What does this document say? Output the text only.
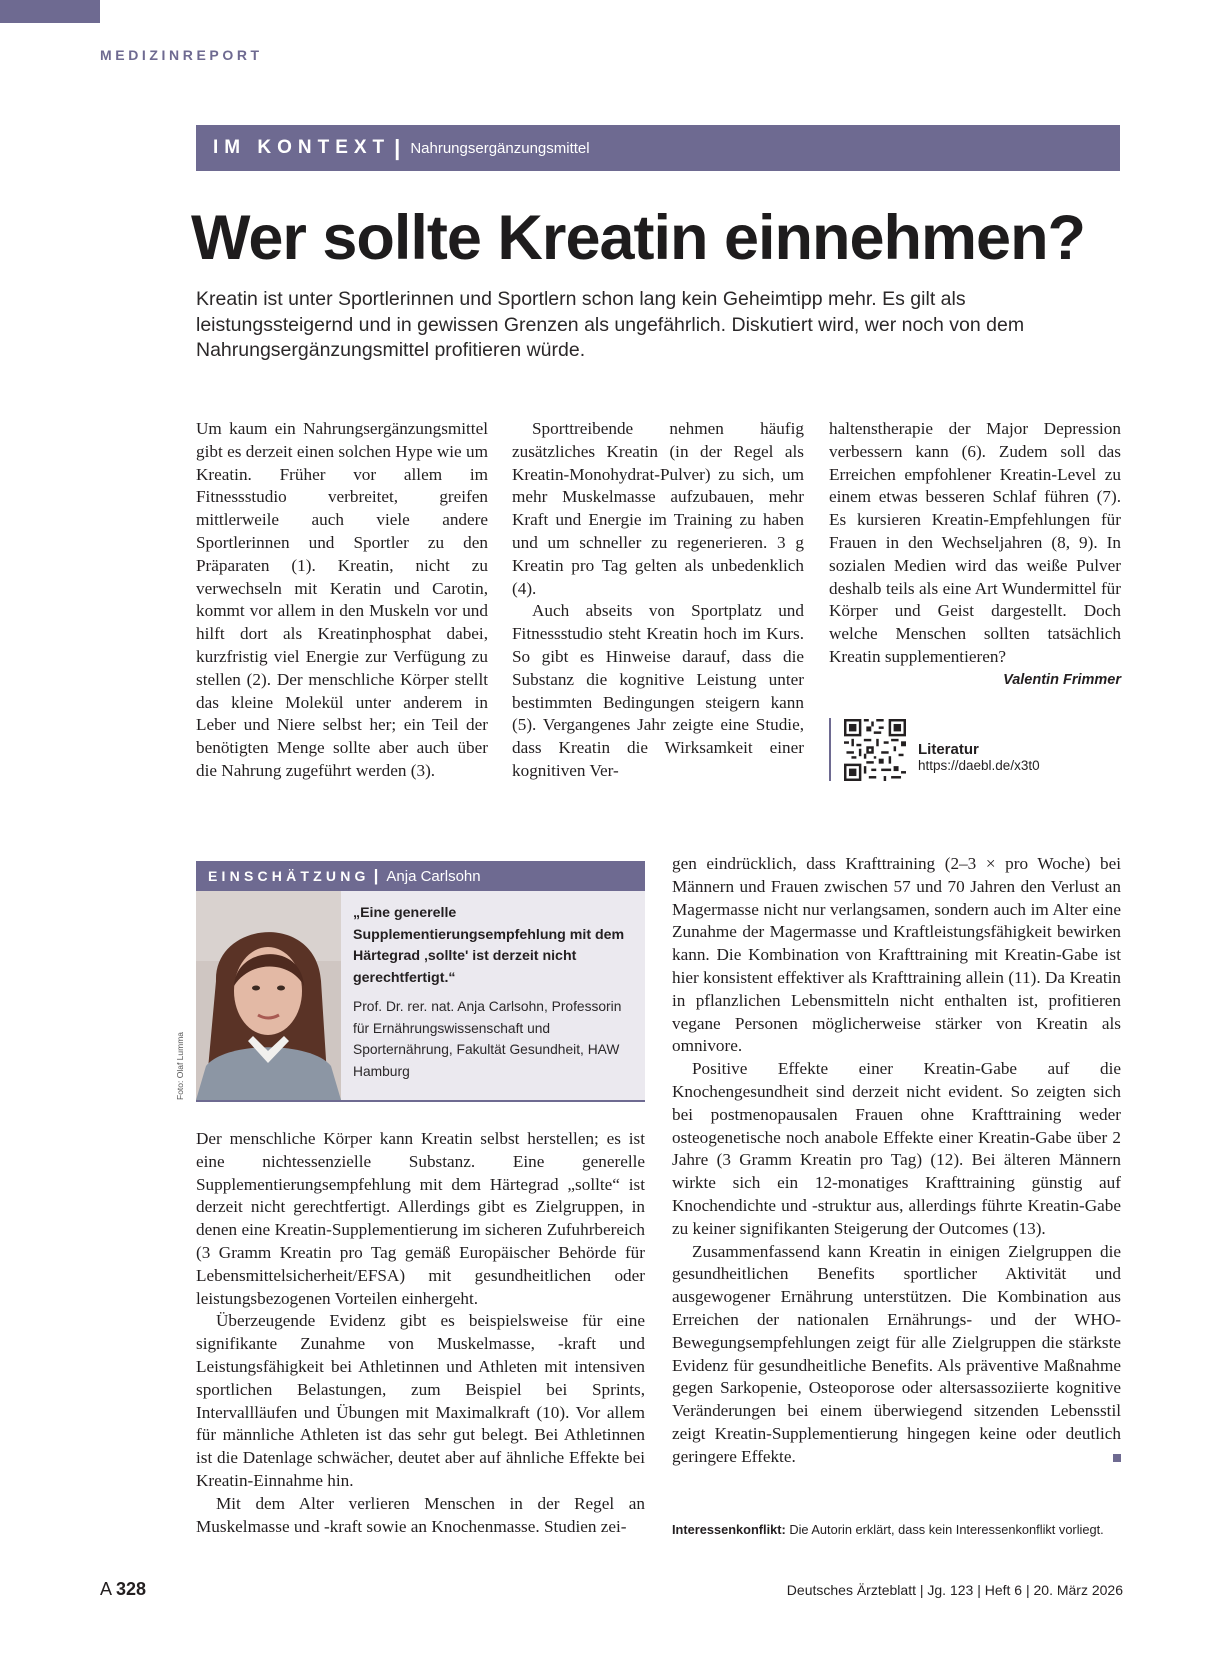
MEDIZINREPORT
IM KONTEXT | Nahrungsergänzungsmittel
Wer sollte Kreatin einnehmen?
Kreatin ist unter Sportlerinnen und Sportlern schon lang kein Geheimtipp mehr. Es gilt als leistungssteigernd und in gewissen Grenzen als ungefährlich. Diskutiert wird, wer noch von dem Nahrungsergänzungsmittel profitieren würde.

Um kaum ein Nahrungsergänzungsmittel gibt es derzeit einen solchen Hype wie um Kreatin. Früher vor allem im Fitnessstudio verbreitet, greifen mittlerweile auch viele andere Sportlerinnen und Sportler zu den Präparaten (1). Kreatin, nicht zu verwechseln mit Keratin und Carotin, kommt vor allem in den Muskeln vor und hilft dort als Kreatinphosphat dabei, kurzfristig viel Energie zur Verfügung zu stellen (2). Der menschliche Körper stellt das kleine Molekül unter anderem in Leber und Niere selbst her; ein Teil der benötigten Menge sollte aber auch über die Nahrung zugeführt werden (3).

Sporttreibende nehmen häufig zusätzliches Kreatin (in der Regel als Kreatin-Monohydrat-Pulver) zu sich, um mehr Muskelmasse aufzubauen, mehr Kraft und Energie im Training zu haben und um schneller zu regenerieren. 3 g Kreatin pro Tag gelten als unbedenklich (4).

Auch abseits von Sportplatz und Fitnessstudio steht Kreatin hoch im Kurs. So gibt es Hinweise darauf, dass die Substanz die kognitive Leistung unter bestimmten Bedingungen steigern kann (5). Vergangenes Jahr zeigte eine Studie, dass Kreatin die Wirksamkeit einer kognitiven Ver-

haltenstherapie der Major Depression verbessern kann (6). Zudem soll das Erreichen empfohlener Kreatin-Level zu einem etwas besseren Schlaf führen (7). Es kursieren Kreatin-Empfehlungen für Frauen in den Wechseljahren (8, 9). In sozialen Medien wird das weiße Pulver deshalb teils als eine Art Wundermittel für Körper und Geist dargestellt. Doch welche Menschen sollten tatsächlich Kreatin supplementieren?
Valentin Frimmer

Literatur
https://daebl.de/x3t0
EINSCHÄTZUNG | Anja Carlsohn
„Eine generelle Supplementierungsempfehlung mit dem Härtegrad ‚sollte' ist derzeit nicht gerechtfertigt.“
Prof. Dr. rer. nat. Anja Carlsohn, Professorin für Ernährungswissenschaft und Sporternährung, Fakultät Gesundheit, HAW Hamburg
Foto: Olaf Lumma

Der menschliche Körper kann Kreatin selbst herstellen; es ist eine nichtessenzielle Substanz. Eine generelle Supplementierungsempfehlung mit dem Härtegrad „sollte“ ist derzeit nicht gerechtfertigt. Allerdings gibt es Zielgruppen, in denen eine Kreatin-Supplementierung im sicheren Zufuhrbereich (3 Gramm Kreatin pro Tag gemäß Europäischer Behörde für Lebensmittelsicherheit/EFSA) mit gesundheitlichen oder leistungsbezogenen Vorteilen einhergeht.

Überzeugende Evidenz gibt es beispielsweise für eine signifikante Zunahme von Muskelmasse, -kraft und Leistungsfähigkeit bei Athletinnen und Athleten mit intensiven sportlichen Belastungen, zum Beispiel bei Sprints, Intervallläufen und Übungen mit Maximalkraft (10). Vor allem für männliche Athleten ist das sehr gut belegt. Bei Athletinnen ist die Datenlage schwächer, deutet aber auf ähnliche Effekte bei Kreatin-Einnahme hin.

Mit dem Alter verlieren Menschen in der Regel an Muskelmasse und -kraft sowie an Knochenmasse. Studien zei-

gen eindrücklich, dass Krafttraining (2–3 × pro Woche) bei Männern und Frauen zwischen 57 und 70 Jahren den Verlust an Magermasse nicht nur verlangsamen, sondern auch im Alter eine Zunahme der Magermasse und Kraftleistungsfähigkeit bewirken kann. Die Kombination von Krafttraining mit Kreatin-Gabe ist hier konsistent effektiver als Krafttraining allein (11). Da Kreatin in pflanzlichen Lebensmitteln nicht enthalten ist, profitieren vegane Personen möglicherweise stärker von Kreatin als omnivore.

Positive Effekte einer Kreatin-Gabe auf die Knochengesundheit sind derzeit nicht evident. So zeigten sich bei postmenopausalen Frauen ohne Krafttraining weder osteogenetische noch anabole Effekte einer Kreatin-Gabe über 2 Jahre (3 Gramm Kreatin pro Tag) (12). Bei älteren Männern wirkte sich ein 12-monatiges Krafttraining günstig auf Knochendichte und -struktur aus, allerdings führte Kreatin-Gabe zu keiner signifikanten Steigerung der Outcomes (13).

Zusammenfassend kann Kreatin in einigen Zielgruppen die gesundheitlichen Benefits sportlicher Aktivität und ausgewogener Ernährung unterstützen. Die Kombination aus Erreichen der nationalen Ernährungs- und der WHO-Bewegungsempfehlungen zeigt für alle Zielgruppen die stärkste Evidenz für gesundheitliche Benefits. Als präventive Maßnahme gegen Sarkopenie, Osteoporose oder altersassoziierte kognitive Veränderungen bei einem überwiegend sitzenden Lebensstil zeigt Kreatin-Supplementierung hingegen keine oder deutlich geringere Effekte.

Interessenkonflikt: Die Autorin erklärt, dass kein Interessenkonflikt vorliegt.
A 328	Deutsches Ärzteblatt | Jg. 123 | Heft 6 | 20. März 2026
